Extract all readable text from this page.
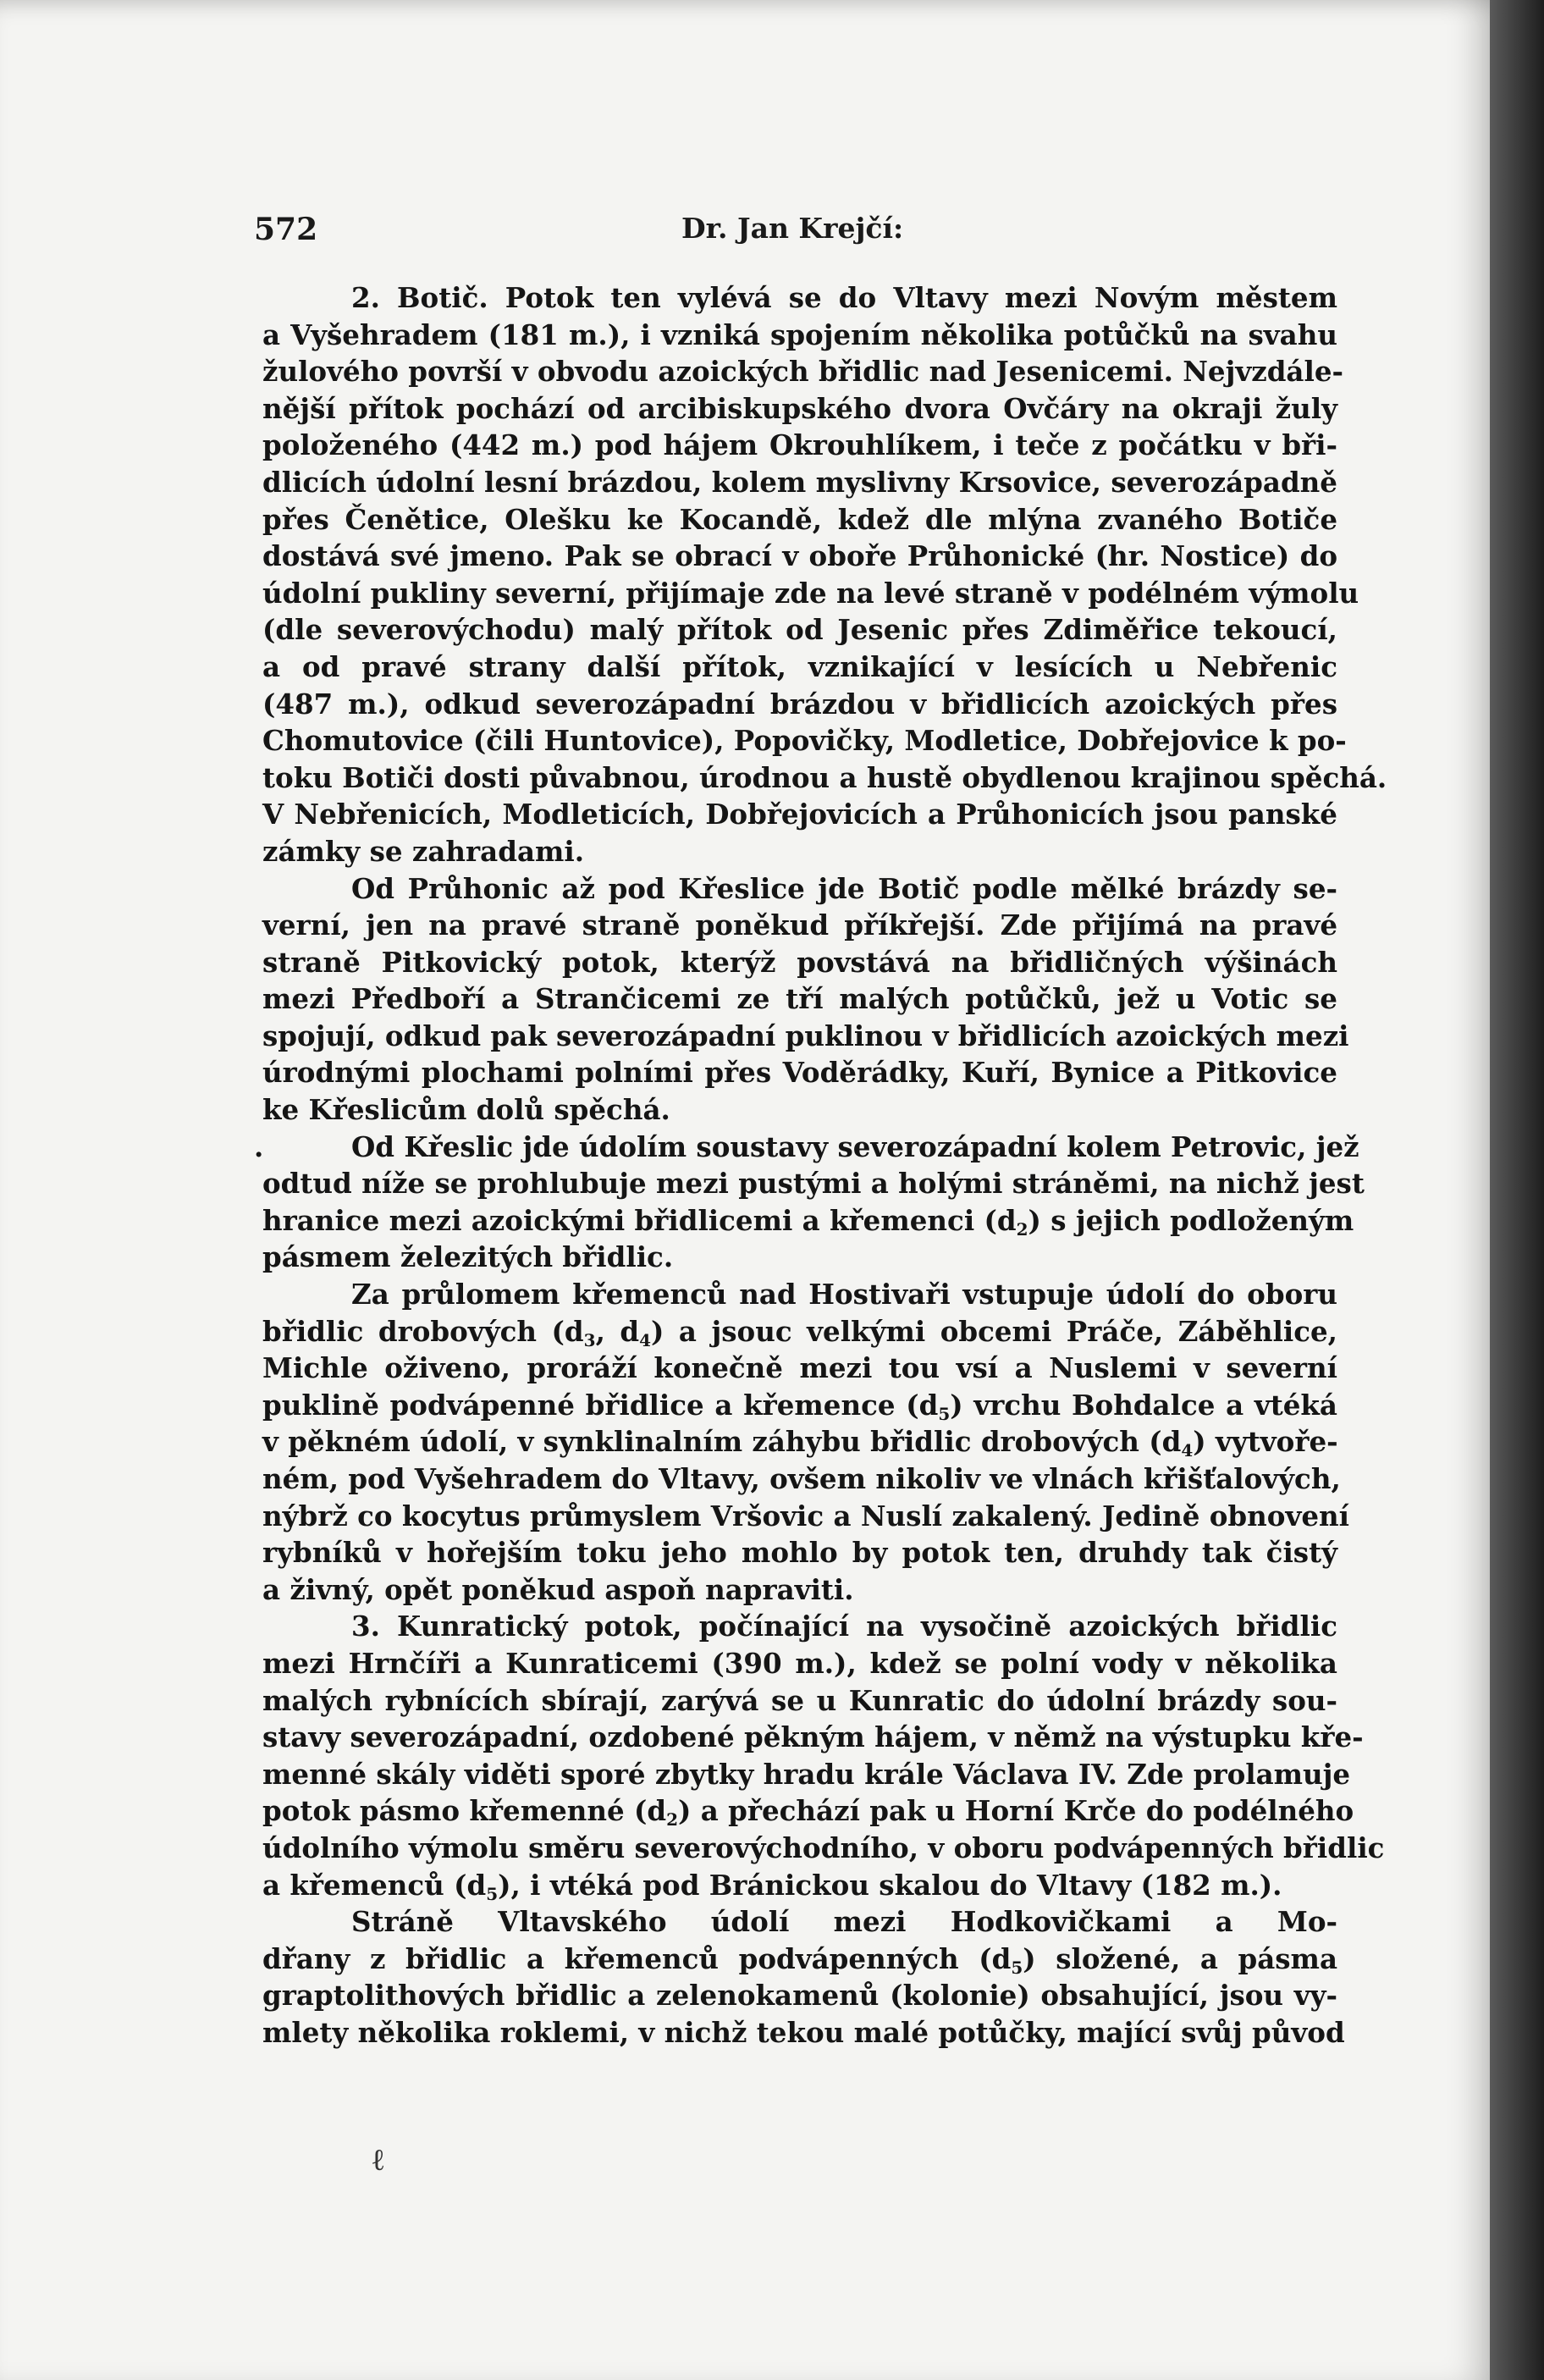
572	Dr. Jan Krejčí:
2. Botič. Potok ten vylévá se do Vltavy mezi Novým městem
a Vyšehradem (181 m.), i vzniká spojením několika potůčků na svahu
žulového površí v obvodu azoických břidlic nad Jesenicemi. Nejvzdále-
nější přítok pochází od arcibiskupského dvora Ovčáry na okraji žuly
položeného (442 m.) pod hájem Okrouhlíkem, i teče z počátku v bři-
dlicích údolní lesní brázdou, kolem myslivny Krsovice, severozápadně
přes Čenětice, Olešku ke Kocandě, kdež dle mlýna zvaného Botiče
dostává své jmeno. Pak se obrací v oboře Průhonické (hr. Nostice) do
údolní pukliny severní, přijímaje zde na levé straně v podélném výmolu
(dle severovýchodu) malý přítok od Jesenic přes Zdiměřice tekoucí,
a od pravé strany další přítok, vznikající v lesících u Nebřenic
(487 m.), odkud severozápadní brázdou v břidlicích azoických přes
Chomutovice (čili Huntovice), Popovičky, Modletice, Dobřejovice k po-
toku Botiči dosti půvabnou, úrodnou a hustě obydlenou krajinou spěchá.
V Nebřenicích, Modleticích, Dobřejovicích a Průhonicích jsou panské
zámky se zahradami.
Od Průhonic až pod Křeslice jde Botič podle mělké brázdy se-
verní, jen na pravé straně poněkud příkřejší. Zde přijímá na pravé
straně Pitkovický potok, kterýž povstává na břidličných výšinách
mezi Předboří a Strančicemi ze tří malých potůčků, jež u Votic se
spojují, odkud pak severozápadní puklinou v břidlicích azoických mezi
úrodnými plochami polními přes Voděrádky, Kuří, Bynice a Pitkovice
ke Křeslicům dolů spěchá.
.	Od Křeslic jde údolím soustavy severozápadní kolem Petrovic, jež
odtud níže se prohlubuje mezi pustými a holými stráněmi, na nichž jest
hranice mezi azoickými břidlicemi a křemenci $(d_2)$ s jejich podloženým
pásmem železitých břidlic.
Za průlomem křemenců nad Hostivaři vstupuje údolí do oboru
břidlic drobových ($d_3$, $d_4$) a jsouc velkými obcemi Práče, Záběhlice,
Michle oživeno, proráží konečně mezi tou vsí a Nuslemi v severní
puklině podvápenné břidlice a křemence $(d_5)$ vrchu Bohdalce a vtéká
v pěkném údolí, v synklinalním záhybu břidlic drobových $(d_4)$ vytvoře-
ném, pod Vyšehradem do Vltavy, ovšem nikoliv ve vlnách křišťalových,
nýbrž co kocytus průmyslem Vršovic a Nuslí zakalený. Jedině obnovení
rybníků v hořejším toku jeho mohlo by potok ten, druhdy tak čistý
a živný, opět poněkud aspoň napraviti.
3. Kunratický potok, počínající na vysočině azoických břidlic
mezi Hrnčíři a Kunraticemi (390 m.), kdež se polní vody v několika
malých rybnících sbírají, zarývá se u Kunratic do údolní brázdy sou-
stavy severozápadní, ozdobené pěkným hájem, v němž na výstupku kře-
menné skály viděti sporé zbytky hradu krále Václava IV. Zde prolamuje
potok pásmo křemenné $(d_2)$ a přechází pak u Horní Krče do podélného
údolního výmolu směru severovýchodního, v oboru podvápenných břidlic
a křemenců $(d_5)$, i vtéká pod Bránickou skalou do Vltavy (182 m.).
Stráně Vltavského údolí mezi Hodkovičkami a Mo-
dřany z břidlic a křemenců podvápenných $(d_5)$ složené, a pásma
graptolithových břidlic a zelenokamenů (kolonie) obsahující, jsou vy-
mlety několika roklemi, v nichž tekou malé potůčky, mající svůj původ
ℓ
